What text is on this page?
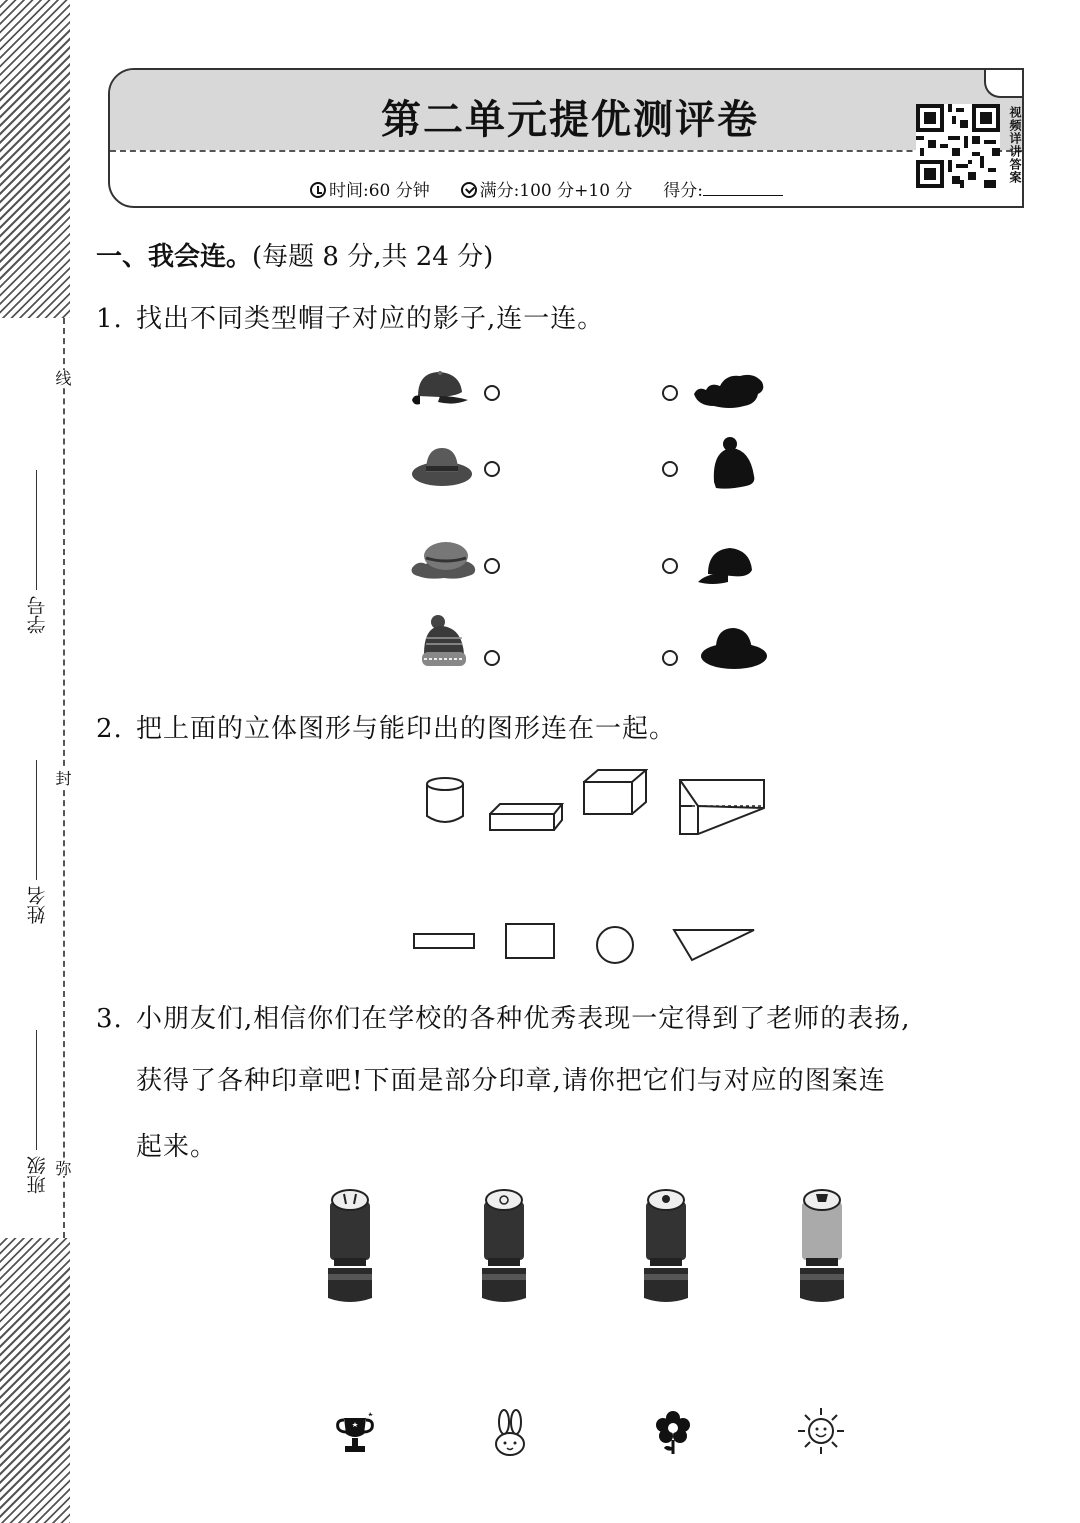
线
封
弥
学号
姓名
班级
第二单元提优测评卷
时间:60 分钟	满分:100 分+10 分 得分:
视频详讲答案
一、我会连。(每题 8 分,共 24 分)
1. 找出不同类型帽子对应的影子,连一连。
2. 把上面的立体图形与能印出的图形连在一起。
3. 小朋友们,相信你们在学校的各种优秀表现一定得到了老师的表扬,
获得了各种印章吧!下面是部分印章,请你把它们与对应的图案连
起来。
